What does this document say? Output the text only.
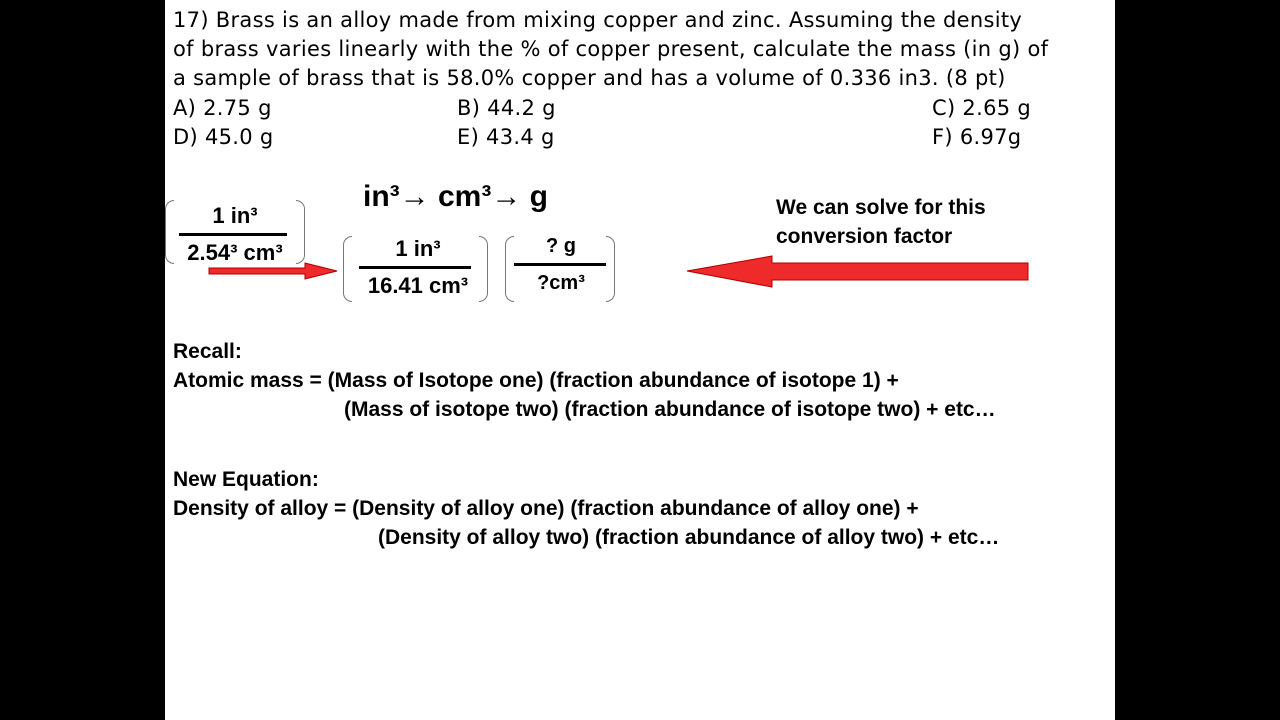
17) Brass is an alloy made from mixing copper and zinc. Assuming the density
of brass varies linearly with the % of copper present, calculate the mass (in g) of
a sample of brass that is 58.0% copper and has a volume of 0.336 in3. (8 pt)
A) 2.75 g	B) 44.2 g	C) 2.65 g
D) 45.0 g	E) 43.4 g	F) 6.97g
in³→ cm³→ g
1 in³
2.54³ cm³	1 in³
16.41 cm³
? g
?cm³
We can solve for this
conversion factor
Recall:
Atomic mass = (Mass of Isotope one) (fraction abundance of isotope 1) +
(Mass of isotope two) (fraction abundance of isotope two) + etc…
New Equation:
Density of alloy = (Density of alloy one) (fraction abundance of alloy one) +
(Density of alloy two) (fraction abundance of alloy two) + etc…
